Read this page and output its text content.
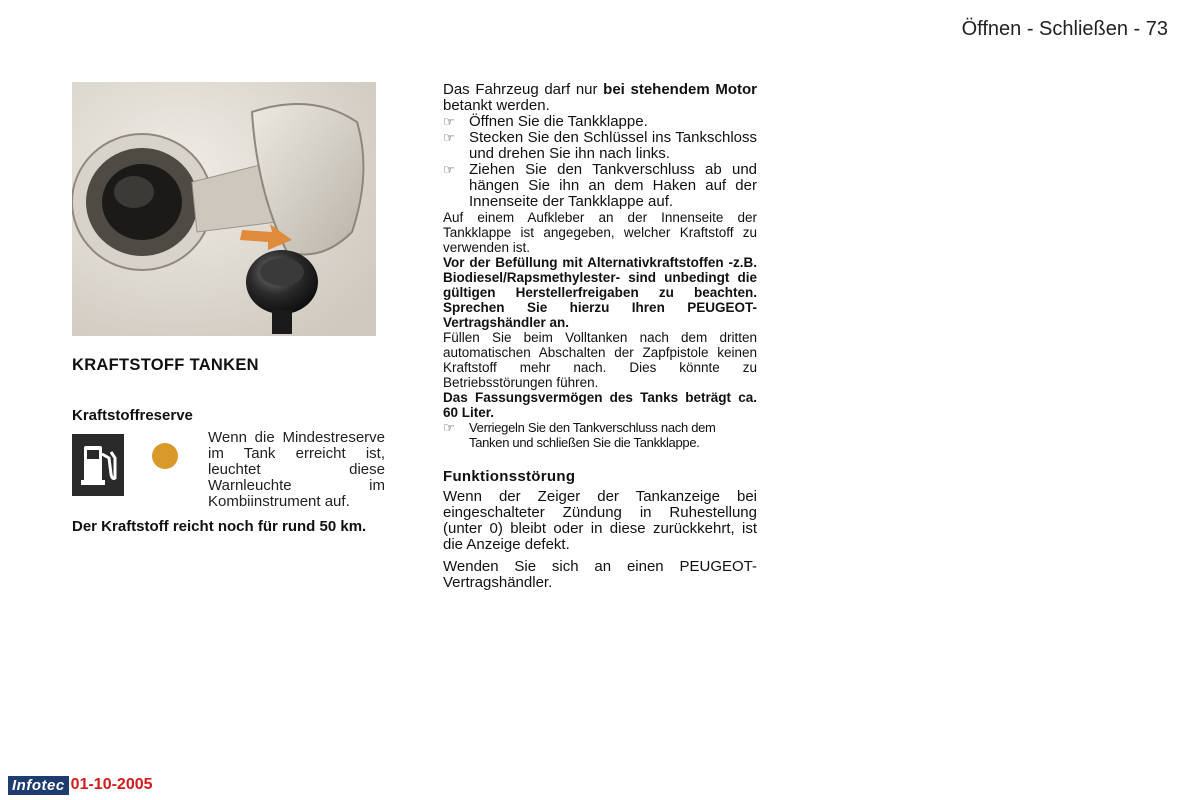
Öffnen - Schließen - 73
KRAFTSTOFF TANKEN
Kraftstoffreserve
Wenn die Mindestreserve im Tank erreicht ist, leuchtet diese Warnleuchte im Kombiinstrument auf.
Der Kraftstoff reicht noch für rund 50 km.

Das Fahrzeug darf nur bei stehendem Motor betankt werden.

☞ Öffnen Sie die Tankklappe.
☞ Stecken Sie den Schlüssel ins Tankschloss und drehen Sie ihn nach links.
☞ Ziehen Sie den Tankverschluss ab und hängen Sie ihn an dem Haken auf der Innenseite der Tankklappe auf.

Auf einem Aufkleber an der Innenseite der Tankklappe ist angegeben, welcher Kraftstoff zu verwenden ist.

Vor der Befüllung mit Alternativkraftstoffen -z.B. Biodiesel/Rapsmethylester- sind unbedingt die gültigen Herstellerfreigaben zu beachten. Sprechen Sie hierzu Ihren PEUGEOT-Vertragshändler an.

Füllen Sie beim Volltanken nach dem dritten automatischen Abschalten der Zapfpistole keinen Kraftstoff mehr nach. Dies könnte zu Betriebsstörungen führen.

Das Fassungsvermögen des Tanks beträgt ca. 60 Liter.

☞ Verriegeln Sie den Tankverschluss nach dem Tanken und schließen Sie die Tankklappe.
Funktionsstörung

Wenn der Zeiger der Tankanzeige bei eingeschalteter Zündung in Ruhestellung (unter 0) bleibt oder in diese zurückkehrt, ist die Anzeige defekt.

Wenden Sie sich an einen PEUGEOT-Vertragshändler.

Infotec 01-10-2005
